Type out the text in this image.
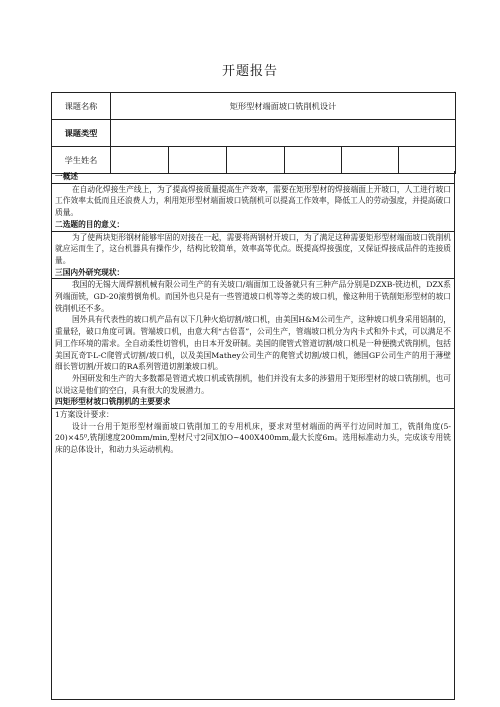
开题报告
课题名称	矩形型材端面坡口铣削机设计					
课题类型						
学生姓名						
一概述

在自动化焊接生产线上，为了提高焊接质量提高生产效率，需要在矩形型材的焊接端面上开坡口，人工进行坡口工作效率太低而且还浪费人力，利用矩形型材端面坡口铣削机可以提高工作效率，降低工人的劳动强度，并提高破口质量。

二选题的目的意义：

为了使两块矩形钢材能够牢固的对接在一起，需要将两钢材开坡口，为了满足这种需要矩形型材端面坡口铣削机就应运而生了，这台机器具有操作少，结构比较简单，效率高等优点。既提高焊接强度，又保证焊接成品件的连接质量。

三国内外研究现状：

我国的无锡大周焊割机械有限公司生产的有关坡口/端面加工设备就只有三种产品分别是DZXB-铣边机，DZX系列端面铣，GD-20滚剪倒角机。而国外也只是有一些管道坡口机等等之类的坡口机，像这种用于铣削矩形型材的坡口铣削机还不多。

国外具有代表性的坡口机产品有以下几种火焰切割/坡口机，由美国H&M公司生产，这种坡口机身采用铝制的，重量轻，破口角度可调。管端坡口机，由意大利“古倍喜”，公司生产，管端坡口机分为内卡式和外卡式，可以满足不同工作环境的需求。全自动柔性切管机，由日本开发研制。美国的爬管式管道切割/坡口机是一种便携式铣削机，包括美国瓦奇T-L-C爬管式切割/坡口机，以及美国Mathey公司生产的爬管式切割/坡口机，德国GF公司生产的用于薄壁细长管切割/开坡口的RA系列管道切割兼坡口机。

外国研发和生产的大多数都是管道式坡口机或铣削机，他们并没有太多的涉猎用于矩形型材的坡口铣削机，也可以说这是他们的空白，具有很大的发展潜力。

四矩形型材坡口铣削机的主要要求

1方案设计要求：

设计一台用于矩形型材端面坡口铣削加工的专用机床，要求对型材端面的两平行边同时加工，铣削角度(5-20)×45⁰,铣削速度200mm/min,型材尺寸2同X加O~400X400mm,最大长度6m。选用标准动力头，完成该专用铣床的总体设计，和动力头运动机构。
